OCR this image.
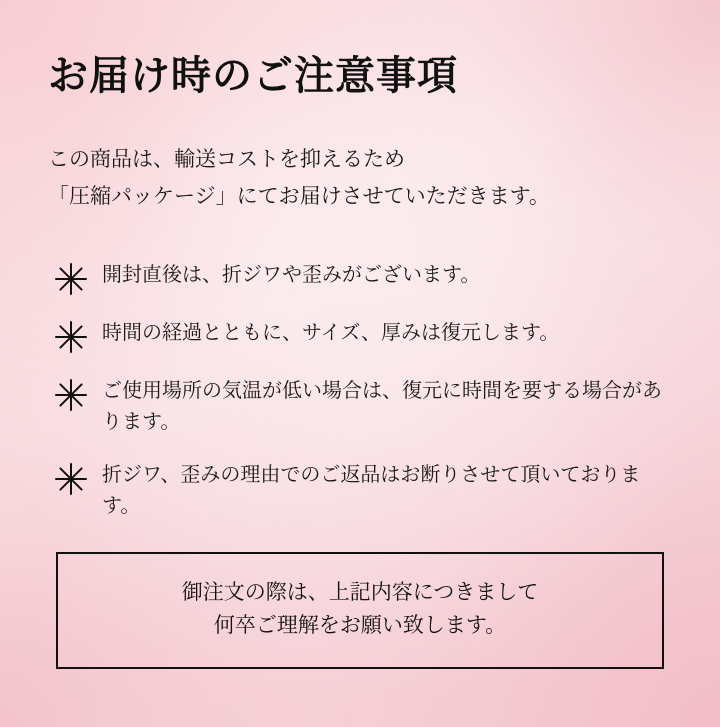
お届け時のご注意事項

この商品は、輸送コストを抑えるため
「圧縮パッケージ」にてお届けさせていただきます。

開封直後は、折ジワや歪みがございます。
時間の経過とともに、サイズ、厚みは復元します。
ご使用場所の気温が低い場合は、復元に時間を要する場合があります。
折ジワ、歪みの理由でのご返品はお断りさせて頂いております。
御注文の際は、上記内容につきまして
何卒ご理解をお願い致します。
